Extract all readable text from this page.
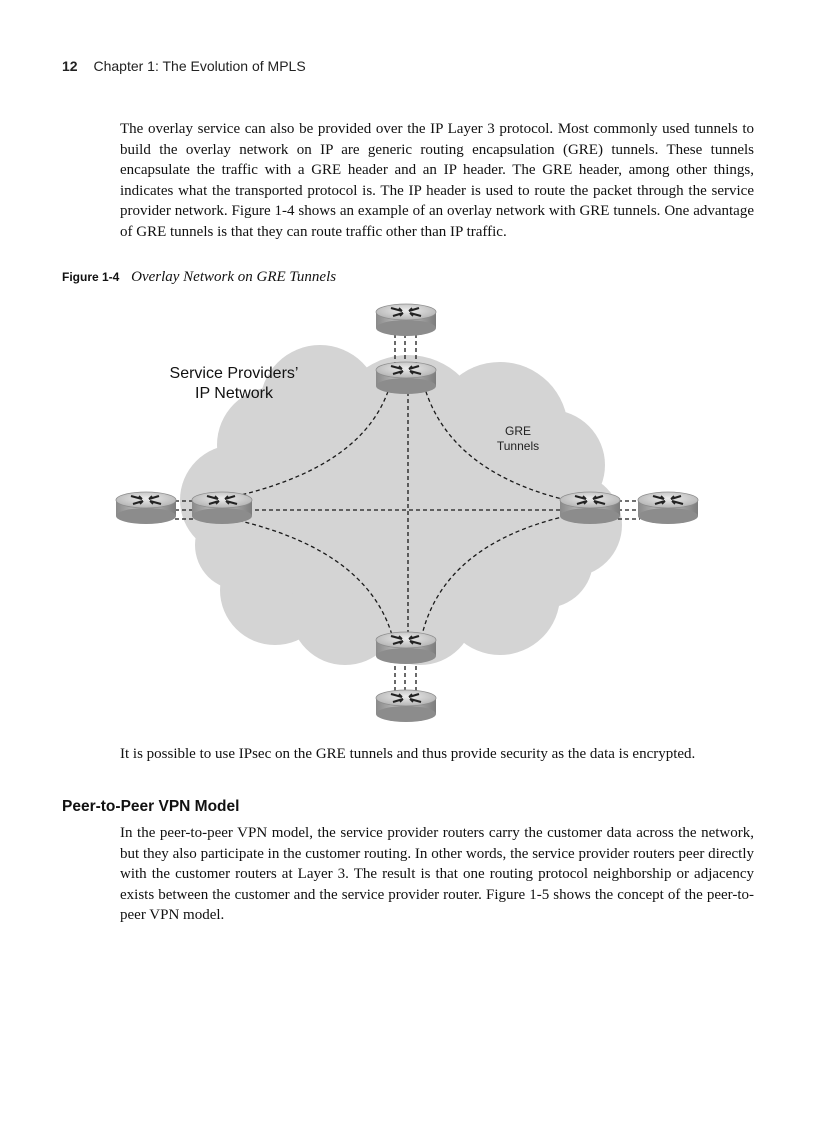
12 Chapter 1: The Evolution of MPLS

The overlay service can also be provided over the IP Layer 3 protocol. Most commonly used tunnels to build the overlay network on IP are generic routing encapsulation (GRE) tunnels. These tunnels encapsulate the traffic with a GRE header and an IP header. The GRE header, among other things, indicates what the transported protocol is. The IP header is used to route the packet through the service provider network. Figure 1-4 shows an example of an overlay network with GRE tunnels. One advantage of GRE tunnels is that they can route traffic other than IP traffic.

Figure 1-4 Overlay Network on GRE Tunnels
Service Providers’
IP Network
GRE
Tunnels

It is possible to use IPsec on the GRE tunnels and thus provide security as the data is encrypted.

Peer-to-Peer VPN Model

In the peer-to-peer VPN model, the service provider routers carry the customer data across the network, but they also participate in the customer routing. In other words, the service provider routers peer directly with the customer routers at Layer 3. The result is that one routing protocol neighborship or adjacency exists between the customer and the service provider router. Figure 1-5 shows the concept of the peer-to-peer VPN model.
